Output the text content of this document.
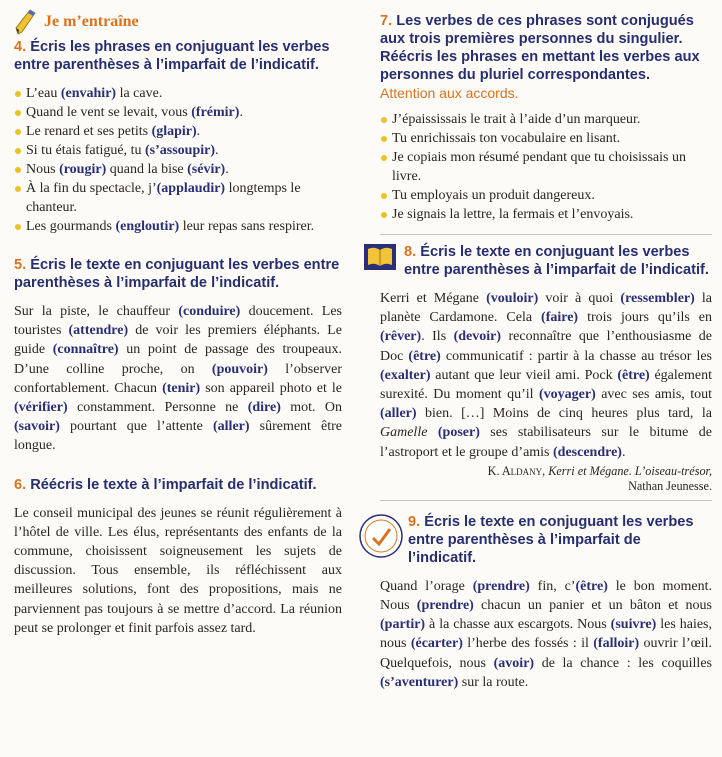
Je m’entraîne
4. Écris les phrases en conjuguant les verbes entre parenthèses à l’imparfait de l’indicatif.
L’eau (envahir) la cave.
Quand le vent se levait, vous (frémir).
Le renard et ses petits (glapir).
Si tu étais fatigué, tu (s’assoupir).
Nous (rougir) quand la bise (sévir).
À la fin du spectacle, j’(applaudir) longtemps le chanteur.
Les gourmands (engloutir) leur repas sans respirer.
5. Écris le texte en conjuguant les verbes entre parenthèses à l’imparfait de l’indicatif.

Sur la piste, le chauffeur (conduire) doucement. Les touristes (attendre) de voir les premiers éléphants. Le guide (connaître) un point de passage des troupeaux. D’une colline proche, on (pouvoir) l’observer confortablement. Chacun (tenir) son appareil photo et le (vérifier) constamment. Personne ne (dire) mot. On (savoir) pourtant que l’attente (aller) sûrement être longue.

6. Réécris le texte à l’imparfait de l’indicatif.

Le conseil municipal des jeunes se réunit régulièrement à l’hôtel de ville. Les élus, représentants des enfants de la commune, choisissent soigneusement les sujets de discussion. Tous ensemble, ils réfléchissent aux meilleures solutions, font des propositions, mais ne parviennent pas toujours à se mettre d’accord. La réunion peut se prolonger et finit parfois assez tard.

7. Les verbes de ces phrases sont conjugués aux trois premières personnes du singulier. Réécris les phrases en mettant les verbes aux personnes du pluriel correspondantes.
Attention aux accords.
J’épaississais le trait à l’aide d’un marqueur.
Tu enrichissais ton vocabulaire en lisant.
Je copiais mon résumé pendant que tu choisissais un livre.
Tu employais un produit dangereux.
Je signais la lettre, la fermais et l’envoyais.
8. Écris le texte en conjuguant les verbes entre parenthèses à l’imparfait de l’indicatif.

Kerri et Mégane (vouloir) voir à quoi (ressembler) la planète Cardamone. Cela (faire) trois jours qu’ils en (rêver). Ils (devoir) reconnaître que l’enthousiasme de Doc (être) communicatif : partir à la chasse au trésor les (exalter) autant que leur vieil ami. Pock (être) également surexité. Du moment qu’il (voyager) avec ses amis, tout (aller) bien. […] Moins de cinq heures plus tard, la Gamelle (poser) ses stabilisateurs sur le bitume de l’astroport et le groupe d’amis (descendre).

K. Aldany, Kerri et Mégane. L’oiseau-trésor,
Nathan Jeunesse.
9. Écris le texte en conjuguant les verbes entre parenthèses à l’imparfait de l’indicatif.

Quand l’orage (prendre) fin, c’(être) le bon moment. Nous (prendre) chacun un panier et un bâton et nous (partir) à la chasse aux escargots. Nous (suivre) les haies, nous (écarter) l’herbe des fossés : il (falloir) ouvrir l’œil. Quelquefois, nous (avoir) de la chance : les coquilles (s’aventurer) sur la route.
